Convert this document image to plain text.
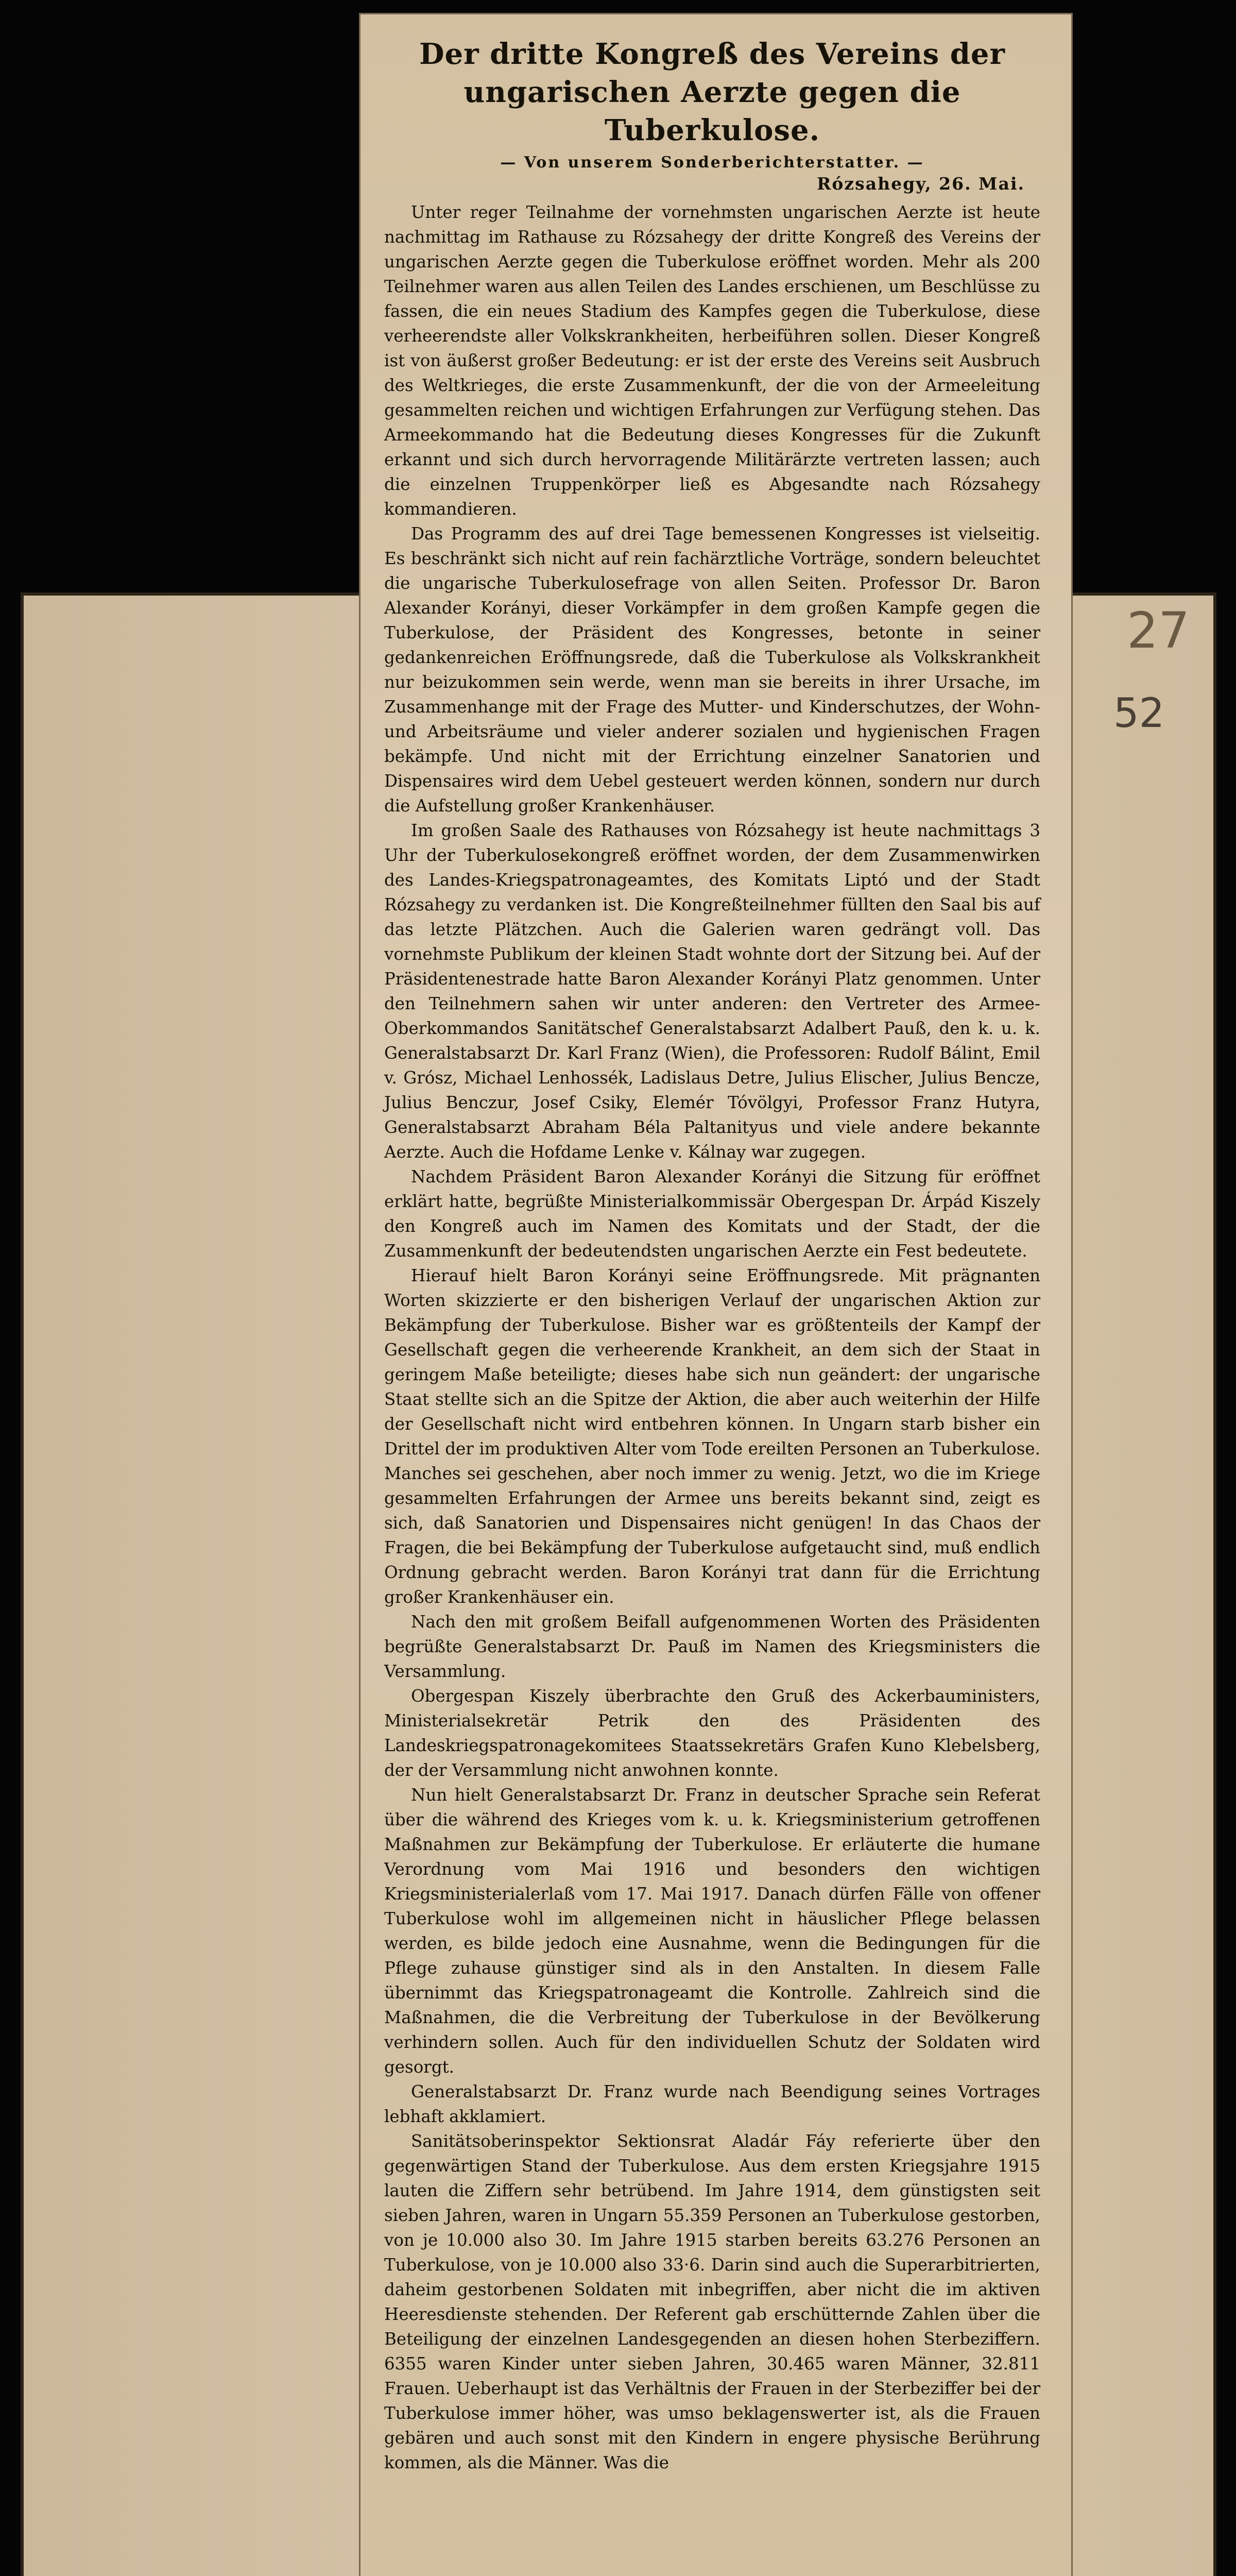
27
52
Der dritte Kongreß des Vereins der ungarischen Aerzte gegen die Tuberkulose.
— Von unserem Sonderberichterstatter. —
Rózsahegy, 26. Mai.

Unter reger Teilnahme der vornehmsten ungarischen Aerzte ist heute nachmittag im Rathause zu Rózsahegy der dritte Kongreß des Vereins der ungarischen Aerzte gegen die Tuberkulose eröffnet worden. Mehr als 200 Teilnehmer waren aus allen Teilen des Landes erschienen, um Beschlüsse zu fassen, die ein neues Stadium des Kampfes gegen die Tuberkulose, diese verheerendste aller Volkskrankheiten, herbeiführen sollen. Dieser Kongreß ist von äußerst großer Bedeutung: er ist der erste des Vereins seit Ausbruch des Weltkrieges, die erste Zusammenkunft, der die von der Armeeleitung gesammelten reichen und wichtigen Erfahrungen zur Verfügung stehen. Das Armeekommando hat die Bedeutung dieses Kongresses für die Zukunft erkannt und sich durch hervorragende Militärärzte vertreten lassen; auch die einzelnen Truppenkörper ließ es Abgesandte nach Rózsahegy kommandieren.

Das Programm des auf drei Tage bemessenen Kongresses ist vielseitig. Es beschränkt sich nicht auf rein fachärztliche Vorträge, sondern beleuchtet die ungarische Tuberkulosefrage von allen Seiten. Professor Dr. Baron Alexander Korányi, dieser Vorkämpfer in dem großen Kampfe gegen die Tuberkulose, der Präsident des Kongresses, betonte in seiner gedankenreichen Eröffnungsrede, daß die Tuberkulose als Volkskrankheit nur beizukommen sein werde, wenn man sie bereits in ihrer Ursache, im Zusammenhange mit der Frage des Mutter- und Kinderschutzes, der Wohn- und Arbeitsräume und vieler anderer sozialen und hygienischen Fragen bekämpfe. Und nicht mit der Errichtung einzelner Sanatorien und Dispensaires wird dem Uebel gesteuert werden können, sondern nur durch die Aufstellung großer Krankenhäuser.

Im großen Saale des Rathauses von Rózsahegy ist heute nachmittags 3 Uhr der Tuberkulosekongreß eröffnet worden, der dem Zusammenwirken des Landes-Kriegspatronageamtes, des Komitats Liptó und der Stadt Rózsahegy zu verdanken ist. Die Kongreßteilnehmer füllten den Saal bis auf das letzte Plätzchen. Auch die Galerien waren gedrängt voll. Das vornehmste Publikum der kleinen Stadt wohnte dort der Sitzung bei. Auf der Präsidentenestrade hatte Baron Alexander Korányi Platz genommen. Unter den Teilnehmern sahen wir unter anderen: den Vertreter des Armee-Oberkommandos Sanitätschef Generalstabsarzt Adalbert Pauß, den k. u. k. Generalstabsarzt Dr. Karl Franz (Wien), die Professoren: Rudolf Bálint, Emil v. Grósz, Michael Lenhossék, Ladislaus Detre, Julius Elischer, Julius Bencze, Julius Benczur, Josef Csiky, Elemér Tóvölgyi, Professor Franz Hutyra, Generalstabsarzt Abraham Béla Paltanityus und viele andere bekannte Aerzte. Auch die Hofdame Lenke v. Kálnay war zugegen.

Nachdem Präsident Baron Alexander Korányi die Sitzung für eröffnet erklärt hatte, begrüßte Ministerialkommissär Obergespan Dr. Árpád Kiszely den Kongreß auch im Namen des Komitats und der Stadt, der die Zusammenkunft der bedeutendsten ungarischen Aerzte ein Fest bedeutete.

Hierauf hielt Baron Korányi seine Eröffnungsrede. Mit prägnanten Worten skizzierte er den bisherigen Verlauf der ungarischen Aktion zur Bekämpfung der Tuberkulose. Bisher war es größtenteils der Kampf der Gesellschaft gegen die verheerende Krankheit, an dem sich der Staat in geringem Maße beteiligte; dieses habe sich nun geändert: der ungarische Staat stellte sich an die Spitze der Aktion, die aber auch weiterhin der Hilfe der Gesellschaft nicht wird entbehren können. In Ungarn starb bisher ein Drittel der im produktiven Alter vom Tode ereilten Personen an Tuberkulose. Manches sei geschehen, aber noch immer zu wenig. Jetzt, wo die im Kriege gesammelten Erfahrungen der Armee uns bereits bekannt sind, zeigt es sich, daß Sanatorien und Dispensaires nicht genügen! In das Chaos der Fragen, die bei Bekämpfung der Tuberkulose aufgetaucht sind, muß endlich Ordnung gebracht werden. Baron Korányi trat dann für die Errichtung großer Krankenhäuser ein.

Nach den mit großem Beifall aufgenommenen Worten des Präsidenten begrüßte Generalstabsarzt Dr. Pauß im Namen des Kriegsministers die Versammlung.

Obergespan Kiszely überbrachte den Gruß des Ackerbauministers, Ministerialsekretär Petrik den des Präsidenten des Landeskriegspatronagekomitees Staatssekretärs Grafen Kuno Klebelsberg, der der Versammlung nicht anwohnen konnte.

Nun hielt Generalstabsarzt Dr. Franz in deutscher Sprache sein Referat über die während des Krieges vom k. u. k. Kriegsministerium getroffenen Maßnahmen zur Bekämpfung der Tuberkulose. Er erläuterte die humane Verordnung vom Mai 1916 und besonders den wichtigen Kriegsministerialerlaß vom 17. Mai 1917. Danach dürfen Fälle von offener Tuberkulose wohl im allgemeinen nicht in häuslicher Pflege belassen werden, es bilde jedoch eine Ausnahme, wenn die Bedingungen für die Pflege zuhause günstiger sind als in den Anstalten. In diesem Falle übernimmt das Kriegspatronageamt die Kontrolle. Zahlreich sind die Maßnahmen, die die Verbreitung der Tuberkulose in der Bevölkerung verhindern sollen. Auch für den individuellen Schutz der Soldaten wird gesorgt.

Generalstabsarzt Dr. Franz wurde nach Beendigung seines Vortrages lebhaft akklamiert.

Sanitätsoberinspektor Sektionsrat Aladár Fáy referierte über den gegenwärtigen Stand der Tuberkulose. Aus dem ersten Kriegsjahre 1915 lauten die Ziffern sehr betrübend. Im Jahre 1914, dem günstigsten seit sieben Jahren, waren in Ungarn 55.359 Personen an Tuberkulose gestorben, von je 10.000 also 30. Im Jahre 1915 starben bereits 63.276 Personen an Tuberkulose, von je 10.000 also 33·6. Darin sind auch die Superarbitrierten, daheim gestorbenen Soldaten mit inbegriffen, aber nicht die im aktiven Heeresdienste stehenden. Der Referent gab erschütternde Zahlen über die Beteiligung der einzelnen Landesgegenden an diesen hohen Sterbeziffern. 6355 waren Kinder unter sieben Jahren, 30.465 waren Männer, 32.811 Frauen. Ueberhaupt ist das Verhältnis der Frauen in der Sterbeziffer bei der Tuberkulose immer höher, was umso beklagenswerter ist, als die Frauen gebären und auch sonst mit den Kindern in engere physische Berührung kommen, als die Männer. Was die
